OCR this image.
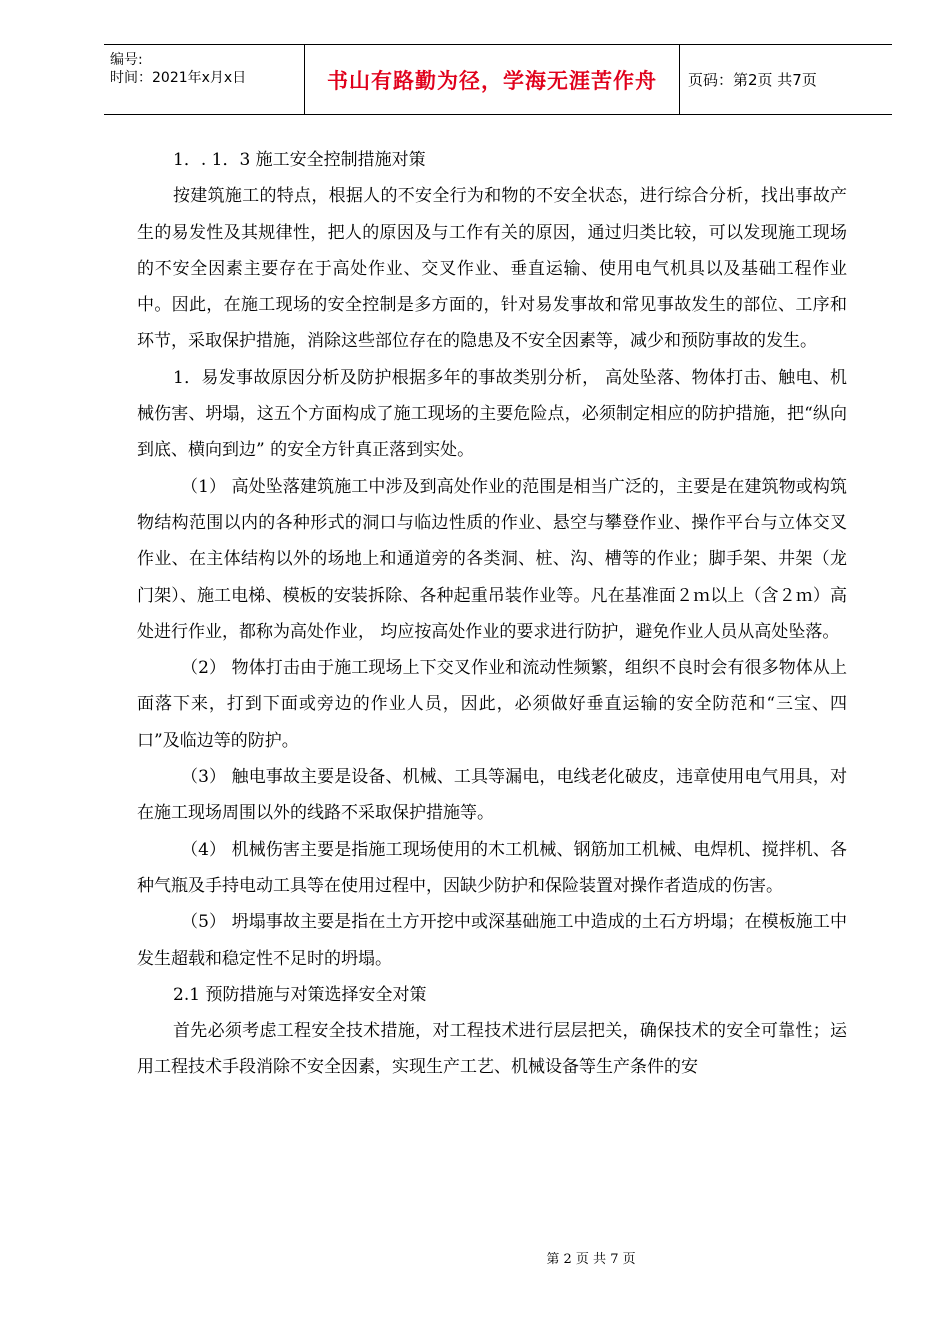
编号:
时间：2021年x月x日	书山有路勤为径，学海无涯苦作舟 页码：第2页 共7页

1．. 1．3 施工安全控制措施对策

按建筑施工的特点，根据人的不安全行为和物的不安全状态，进行综合分析，找出事故产生的易发性及其规律性，把人的原因及与工作有关的原因，通过归类比较，可以发现施工现场的不安全因素主要存在于高处作业、交叉作业、垂直运输、使用电气机具以及基础工程作业中。因此，在施工现场的安全控制是多方面的，针对易发事故和常见事故发生的部位、工序和环节，采取保护措施，消除这些部位存在的隐患及不安全因素等，减少和预防事故的发生。

1．易发事故原因分析及防护根据多年的事故类别分析， 高处坠落、物体打击、触电、机械伤害、坍塌，这五个方面构成了施工现场的主要危险点，必须制定相应的防护措施，把“纵向到底、横向到边” 的安全方针真正落到实处。

（1） 高处坠落建筑施工中涉及到高处作业的范围是相当广泛的，主要是在建筑物或构筑物结构范围以内的各种形式的洞口与临边性质的作业、悬空与攀登作业、操作平台与立体交叉作业、在主体结构以外的场地上和通道旁的各类洞、桩、沟、槽等的作业；脚手架、井架（龙门架）、施工电梯、模板的安装拆除、各种起重吊装作业等。凡在基准面２ｍ以上（含２ｍ）高处进行作业，都称为高处作业， 均应按高处作业的要求进行防护，避免作业人员从高处坠落。

（2） 物体打击由于施工现场上下交叉作业和流动性频繁，组织不良时会有很多物体从上面落下来，打到下面或旁边的作业人员，因此，必须做好垂直运输的安全防范和“三宝、四口”及临边等的防护。

（3） 触电事故主要是设备、机械、工具等漏电，电线老化破皮，违章使用电气用具，对在施工现场周围以外的线路不采取保护措施等。

（4） 机械伤害主要是指施工现场使用的木工机械、钢筋加工机械、电焊机、搅拌机、各种气瓶及手持电动工具等在使用过程中，因缺少防护和保险装置对操作者造成的伤害。

（5） 坍塌事故主要是指在土方开挖中或深基础施工中造成的土石方坍塌；在模板施工中发生超载和稳定性不足时的坍塌。

2.1 预防措施与对策选择安全对策

首先必须考虑工程安全技术措施，对工程技术进行层层把关，确保技术的安全可靠性；运用工程技术手段消除不安全因素，实现生产工艺、机械设备等生产条件的安

第 2 页 共 7 页
